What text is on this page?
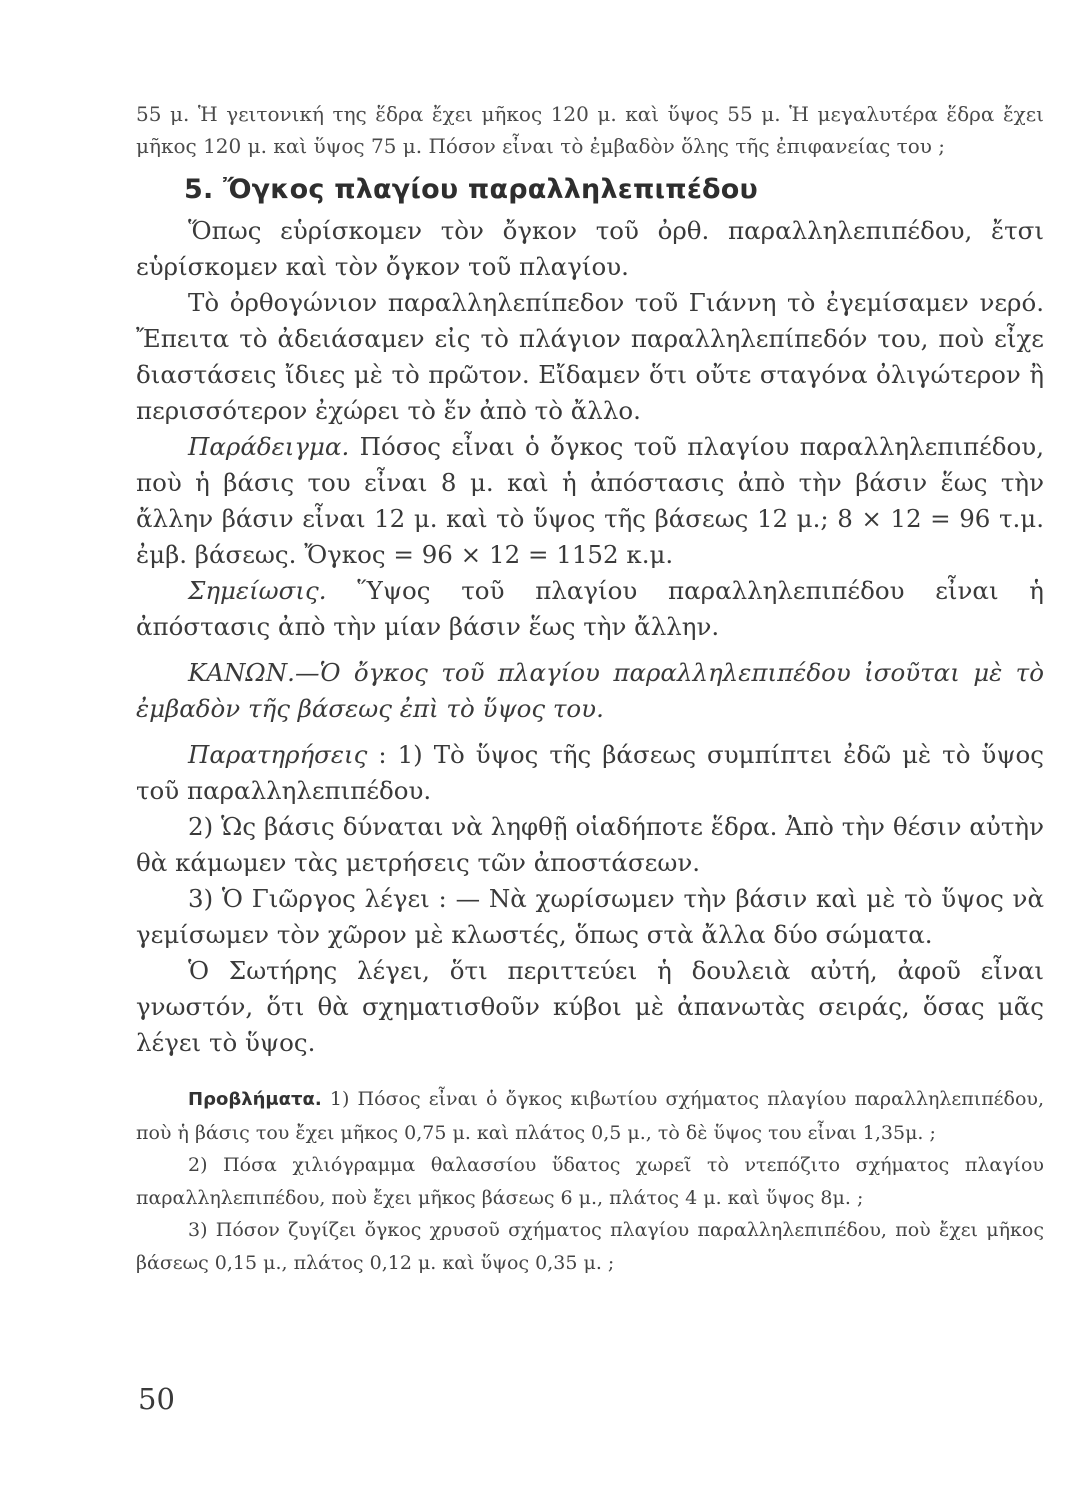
55 μ. Ἡ γειτονική της ἕδρα ἔχει μῆκος 120 μ. καὶ ὕψος 55 μ. Ἡ μεγαλυτέρα ἕδρα ἔχει μῆκος 120 μ. καὶ ὕψος 75 μ. Πόσον εἶναι τὸ ἐμβαδὸν ὅλης τῆς ἐπιφανείας του ;

5. Ὄγκος πλαγίου παραλληλεπιπέδου

Ὅπως εὑρίσκομεν τὸν ὄγκον τοῦ ὀρθ. παραλληλεπιπέδου, ἔτσι εὑρίσκομεν καὶ τὸν ὄγκον τοῦ πλαγίου.

Τὸ ὀρθογώνιον παραλληλεπίπεδον τοῦ Γιάννη τὸ ἐγεμίσαμεν νερό. Ἔπειτα τὸ ἀδειάσαμεν εἰς τὸ πλάγιον παραλληλεπίπεδόν του, ποὺ εἶχε διαστάσεις ἴδιες μὲ τὸ πρῶτον. Εἴδαμεν ὅτι οὔτε σταγόνα ὀλιγώτερον ἢ περισσότερον ἐχώρει τὸ ἕν ἀπὸ τὸ ἄλλο.

Παράδειγμα. Πόσος εἶναι ὁ ὄγκος τοῦ πλαγίου παραλληλεπιπέδου, ποὺ ἡ βάσις του εἶναι 8 μ. καὶ ἡ ἀπόστασις ἀπὸ τὴν βάσιν ἕως τὴν ἄλλην βάσιν εἶναι 12 μ. καὶ τὸ ὕψος τῆς βάσεως 12 μ.; 8 × 12 = 96 τ.μ. ἐμβ. βάσεως. Ὄγκος = 96 × 12 = 1152 κ.μ.

Σημείωσις. Ὕψος τοῦ πλαγίου παραλληλεπιπέδου εἶναι ἡ ἀπόστασις ἀπὸ τὴν μίαν βάσιν ἕως τὴν ἄλλην.

ΚΑΝΩΝ.—Ὁ ὄγκος τοῦ πλαγίου παραλληλεπιπέδου ἰσοῦται μὲ τὸ ἐμβαδὸν τῆς βάσεως ἐπὶ τὸ ὕψος του.

Παρατηρήσεις : 1) Τὸ ὕψος τῆς βάσεως συμπίπτει ἐδῶ μὲ τὸ ὕψος τοῦ παραλληλεπιπέδου.

2) Ὡς βάσις δύναται νὰ ληφθῇ οἱαδήποτε ἕδρα. Ἀπὸ τὴν θέσιν αὐτὴν θὰ κάμωμεν τὰς μετρήσεις τῶν ἀποστάσεων.

3) Ὁ Γιῶργος λέγει : — Νὰ χωρίσωμεν τὴν βάσιν καὶ μὲ τὸ ὕψος νὰ γεμίσωμεν τὸν χῶρον μὲ κλωστές, ὅπως στὰ ἄλλα δύο σώματα.

Ὁ Σωτήρης λέγει, ὅτι περιττεύει ἡ δουλειὰ αὐτή, ἀφοῦ εἶναι γνωστόν, ὅτι θὰ σχηματισθοῦν κύβοι μὲ ἀπανωτὰς σειράς, ὅσας μᾶς λέγει τὸ ὕψος.

Προβλήματα. 1) Πόσος εἶναι ὁ ὄγκος κιβωτίου σχήματος πλαγίου παραλληλεπιπέδου, ποὺ ἡ βάσις του ἔχει μῆκος 0,75 μ. καὶ πλάτος 0,5 μ., τὸ δὲ ὕψος του εἶναι 1,35μ. ;

2) Πόσα χιλιόγραμμα θαλασσίου ὕδατος χωρεῖ τὸ ντεπόζιτο σχήματος πλαγίου παραλληλεπιπέδου, ποὺ ἔχει μῆκος βάσεως 6 μ., πλάτος 4 μ. καὶ ὕψος 8μ. ;

3) Πόσον ζυγίζει ὄγκος χρυσοῦ σχήματος πλαγίου παραλληλεπιπέδου, ποὺ ἔχει μῆκος βάσεως 0,15 μ., πλάτος 0,12 μ. καὶ ὕψος 0,35 μ. ;

50
